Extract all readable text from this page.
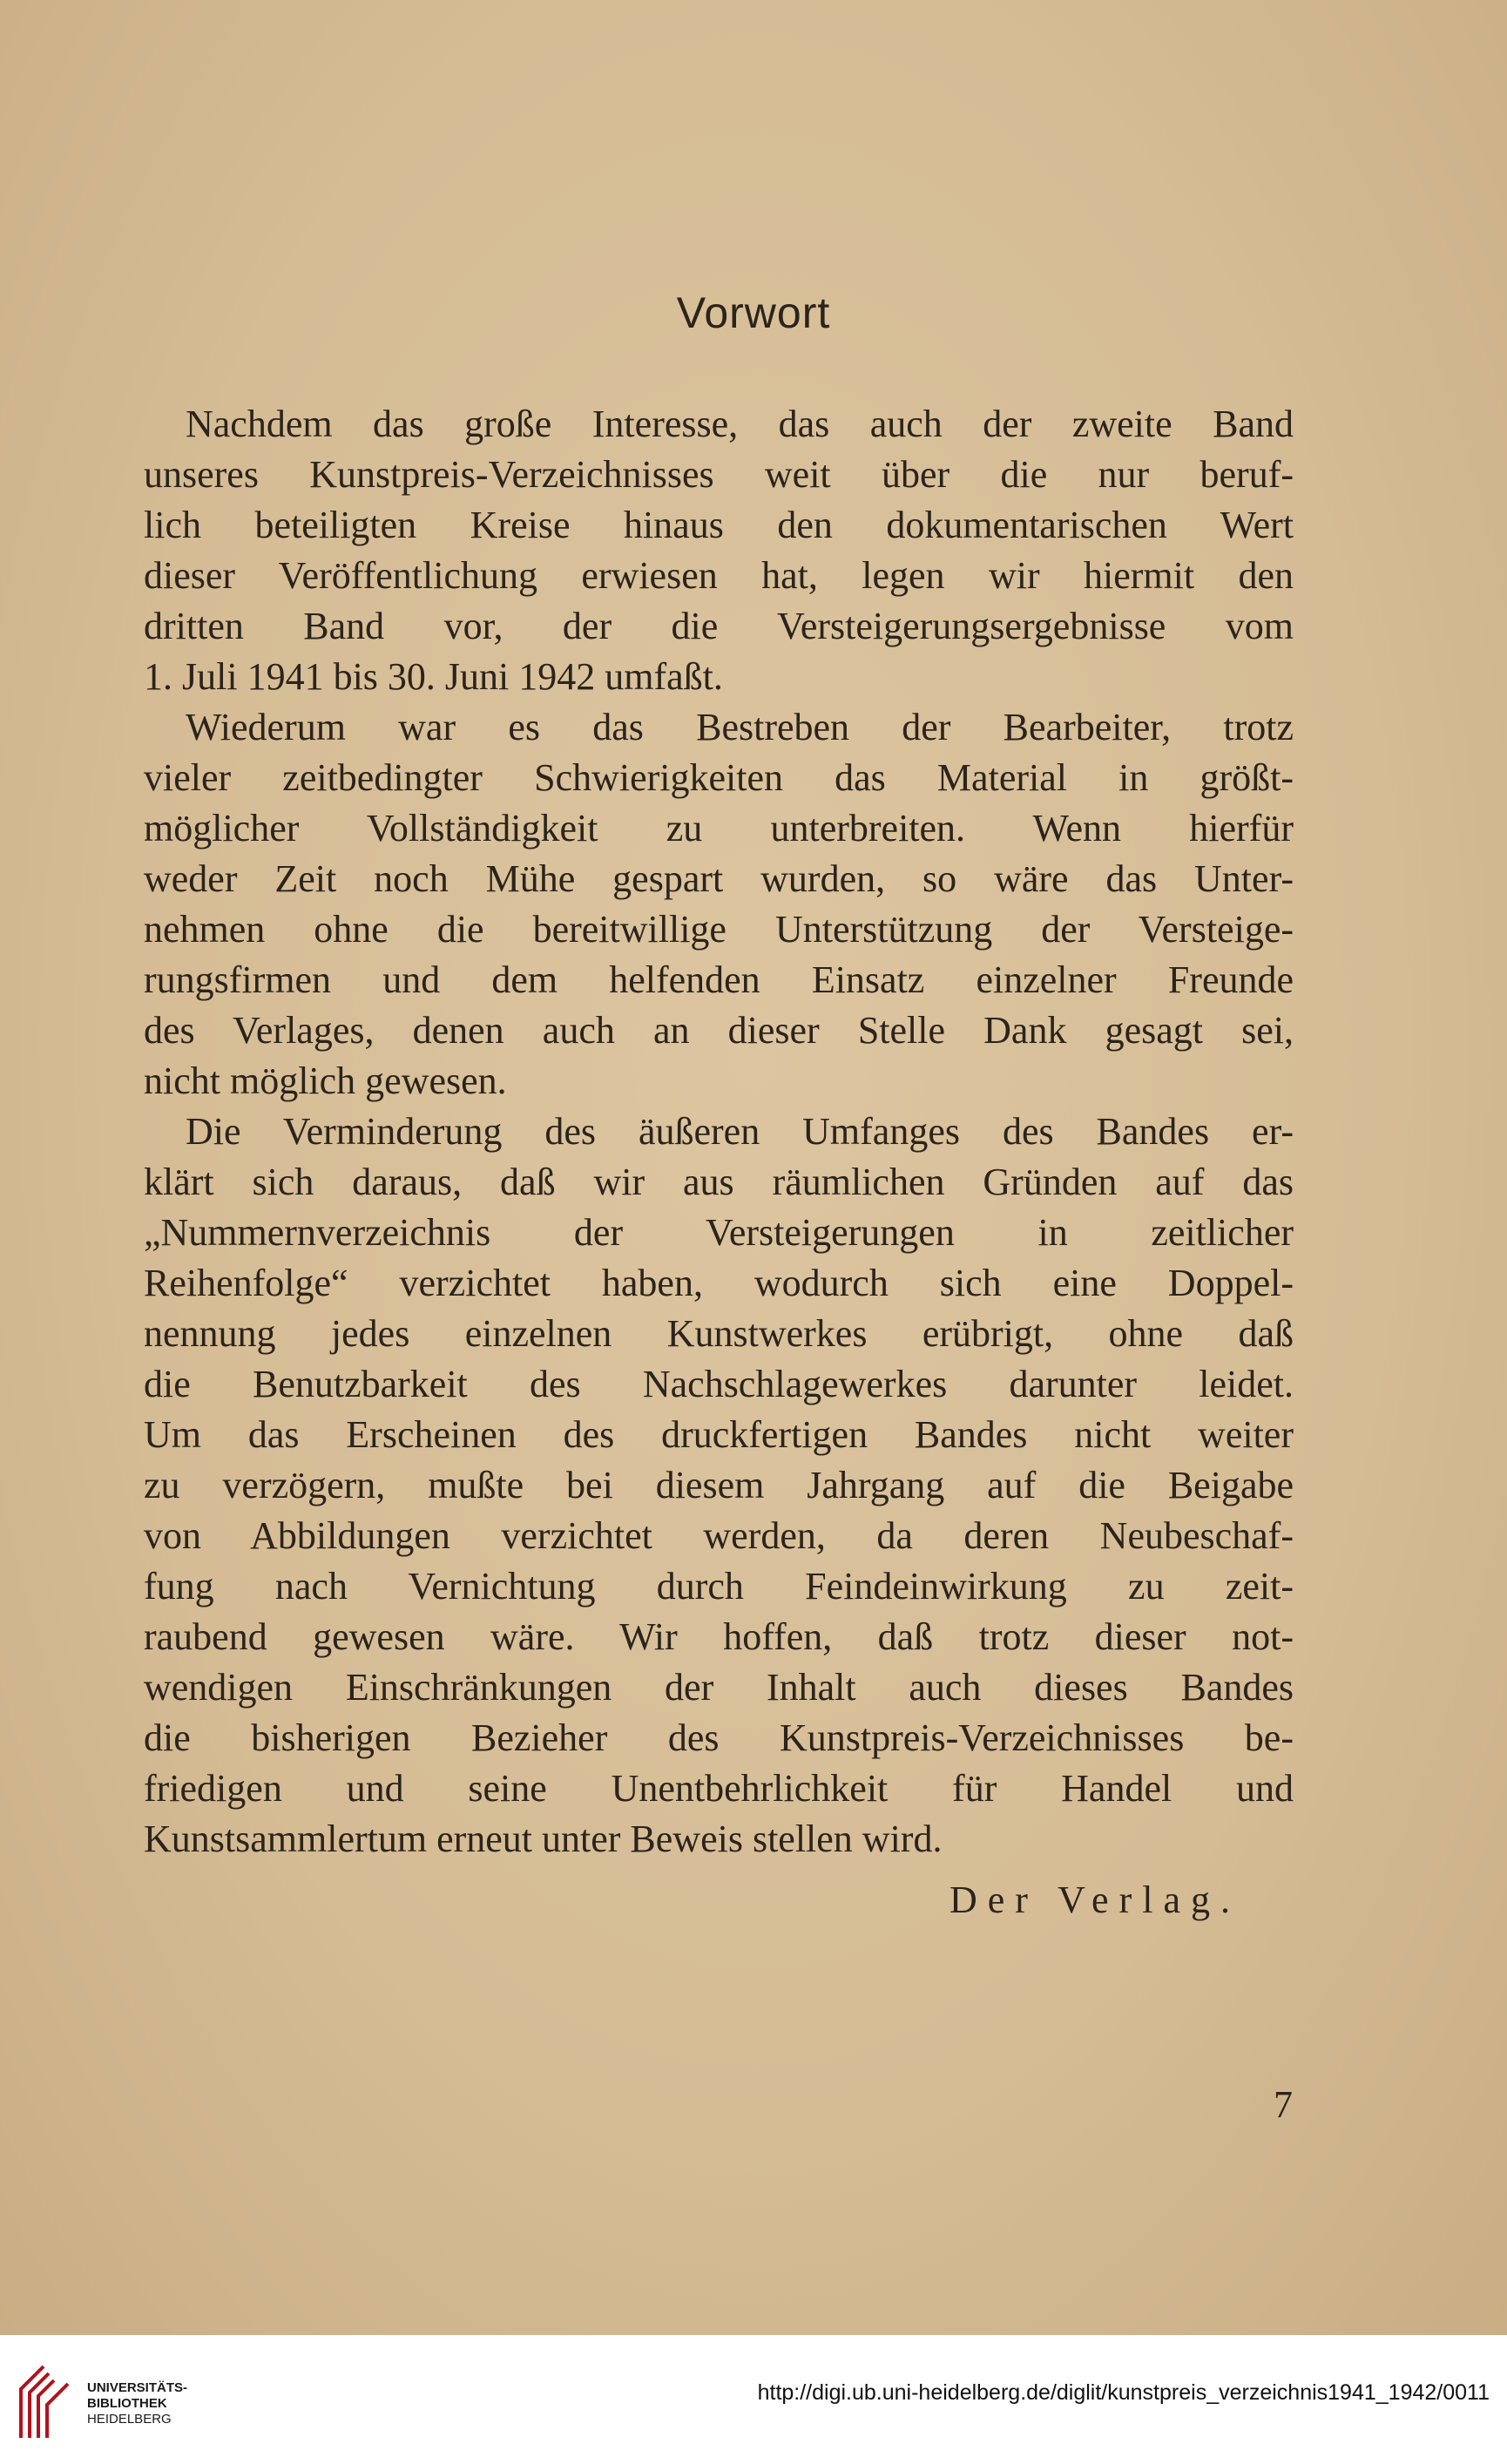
Vorwort
Nachdem das große Interesse, das auch der zweite Band
unseres Kunstpreis-Verzeichnisses weit über die nur beruf-
lich beteiligten Kreise hinaus den dokumentarischen Wert
dieser Veröffentlichung erwiesen hat, legen wir hiermit den
dritten Band vor, der die Versteigerungsergebnisse vom
1. Juli 1941 bis 30. Juni 1942 umfaßt.
Wiederum war es das Bestreben der Bearbeiter, trotz
vieler zeitbedingter Schwierigkeiten das Material in größt-
möglicher Vollständigkeit zu unterbreiten. Wenn hierfür
weder Zeit noch Mühe gespart wurden, so wäre das Unter-
nehmen ohne die bereitwillige Unterstützung der Versteige-
rungsfirmen und dem helfenden Einsatz einzelner Freunde
des Verlages, denen auch an dieser Stelle Dank gesagt sei,
nicht möglich gewesen.
Die Verminderung des äußeren Umfanges des Bandes er-
klärt sich daraus, daß wir aus räumlichen Gründen auf das
„Nummernverzeichnis der Versteigerungen in zeitlicher
Reihenfolge“ verzichtet haben, wodurch sich eine Doppel-
nennung jedes einzelnen Kunstwerkes erübrigt, ohne daß
die Benutzbarkeit des Nachschlagewerkes darunter leidet.
Um das Erscheinen des druckfertigen Bandes nicht weiter
zu verzögern, mußte bei diesem Jahrgang auf die Beigabe
von Abbildungen verzichtet werden, da deren Neubeschaf-
fung nach Vernichtung durch Feindeinwirkung zu zeit-
raubend gewesen wäre. Wir hoffen, daß trotz dieser not-
wendigen Einschränkungen der Inhalt auch dieses Bandes
die bisherigen Bezieher des Kunstpreis-Verzeichnisses be-
friedigen und seine Unentbehrlichkeit für Handel und
Kunstsammlertum erneut unter Beweis stellen wird.
Der Verlag.
7
UNIVERSITÄTS-
BIBLIOTHEK
HEIDELBERG
http://digi.ub.uni-heidelberg.de/diglit/kunstpreis_verzeichnis1941_1942/0011
